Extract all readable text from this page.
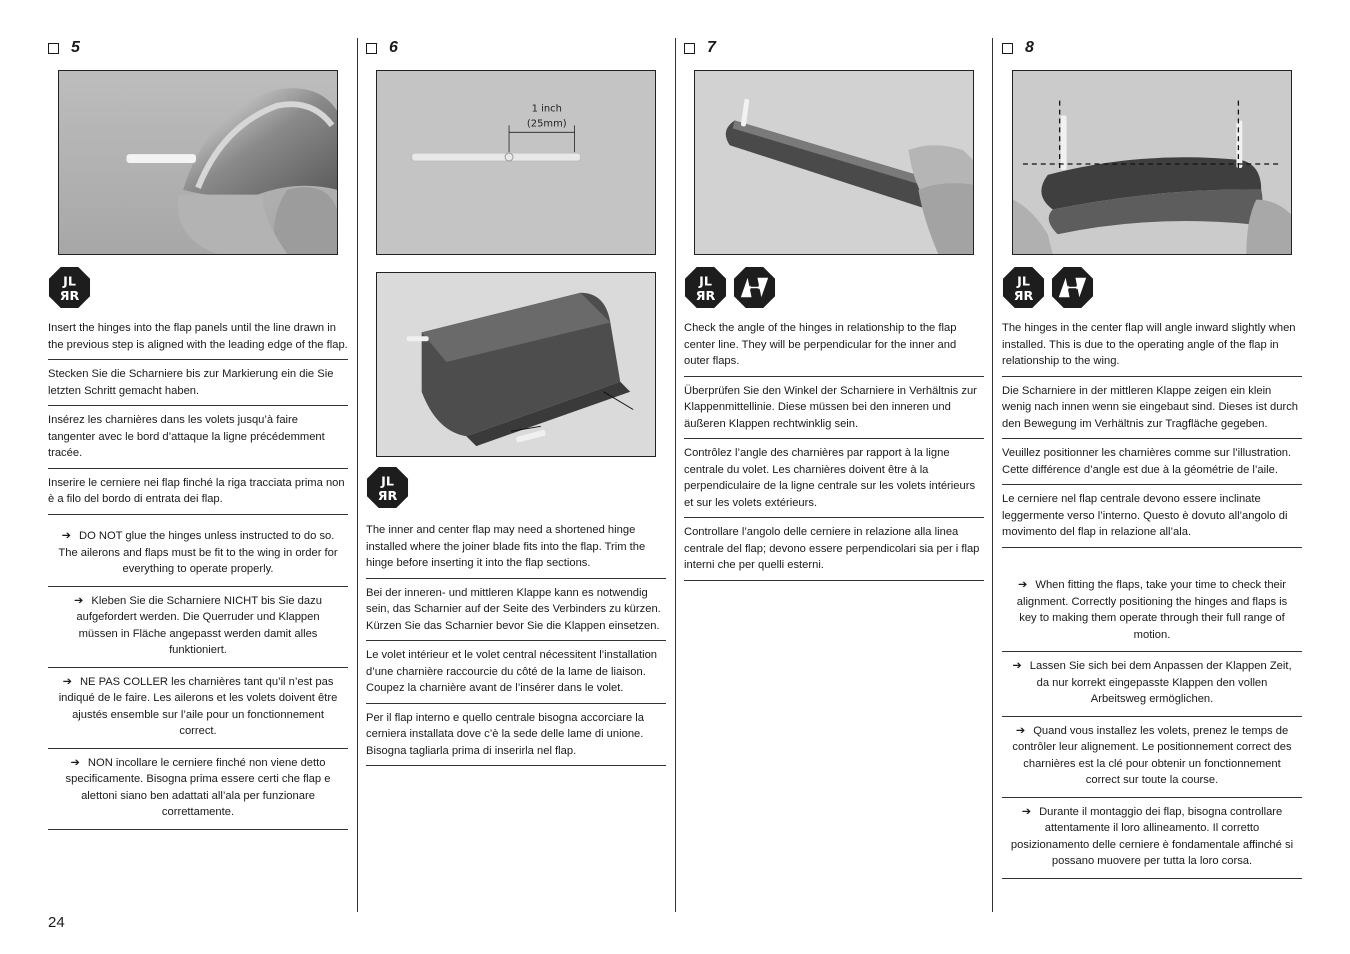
5
JL
ЯR
Insert the hinges into the flap panels until the line drawn in the previous step is aligned with the leading edge of the flap.
Stecken Sie die Scharniere bis zur Markierung ein die Sie letzten Schritt gemacht haben.
Insérez les charnières dans les volets jusqu’à faire tangenter avec le bord d’attaque la ligne précédemment tracée.
Inserire le cerniere nei flap finché la riga tracciata prima non è a filo del bordo di entrata dei flap.
➔ DO NOT glue the hinges unless instructed to do so. The ailerons and flaps must be fit to the wing in order for everything to operate properly.
➔ Kleben Sie die Scharniere NICHT bis Sie dazu aufgefordert werden. Die Querruder und Klappen müssen in Fläche angepasst werden damit alles funktioniert.
➔ NE PAS COLLER les charnières tant qu’il n’est pas indiqué de le faire. Les ailerons et les volets doivent être ajustés ensemble sur l’aile pour un fonctionnement correct.
➔ NON incollare le cerniere finché non viene detto specificamente. Bisogna prima essere certi che flap e alettoni siano ben adattati all’ala per funzionare correttamente.
6
1 inch
(25mm)
JL
ЯR
The inner and center flap may need a shortened hinge installed where the joiner blade fits into the flap. Trim the hinge before inserting it into the flap sections.
Bei der inneren- und mittleren Klappe kann es notwendig sein, das Scharnier auf der Seite des Verbinders zu kürzen. Kürzen Sie das Scharnier bevor Sie die Klappen einsetzen.
Le volet intérieur et le volet central nécessitent l’installation d’une charnière raccourcie du côté de la lame de liaison. Coupez la charnière avant de l’insérer dans le volet.
Per il flap interno e quello centrale bisogna accorciare la cerniera installata dove c’è la sede delle lame di unione. Bisogna tagliarla prima di inserirla nel flap.
7
JL
ЯR
Check the angle of the hinges in relationship to the flap center line. They will be perpendicular for the inner and outer flaps.
Überprüfen Sie den Winkel der Scharniere in Verhältnis zur Klappenmittellinie. Diese müssen bei den inneren und äußeren Klappen rechtwinklig sein.
Contrôlez l’angle des charnières par rapport à la ligne centrale du volet. Les charnières doivent être à la perpendiculaire de la ligne centrale sur les volets intérieurs et sur les volets extérieurs.
Controllare l’angolo delle cerniere in relazione alla linea centrale del flap; devono essere perpendicolari sia per i flap interni che per quelli esterni.
8
JL
ЯR
The hinges in the center flap will angle inward slightly when installed. This is due to the operating angle of the flap in relationship to the wing.
Die Scharniere in der mittleren Klappe zeigen ein klein wenig nach innen wenn sie eingebaut sind. Dieses ist durch den Bewegung im Verhältnis zur Tragfläche gegeben.
Veuillez positionner les charnières comme sur l’illustration. Cette différence d’angle est due à la géométrie de l’aile.
Le cerniere nel flap centrale devono essere inclinate leggermente verso l’interno. Questo è dovuto all’angolo di movimento del flap in relazione all’ala.
➔ When fitting the flaps, take your time to check their alignment. Correctly positioning the hinges and flaps is key to making them operate through their full range of motion.
➔ Lassen Sie sich bei dem Anpassen der Klappen Zeit, da nur korrekt eingepasste Klappen den vollen Arbeitsweg ermöglichen.
➔ Quand vous installez les volets, prenez le temps de contrôler leur alignement. Le positionnement correct des charnières est la clé pour obtenir un fonctionnement correct sur toute la course.
➔ Durante il montaggio dei flap, bisogna controllare attentamente il loro allineamento. Il corretto posizionamento delle cerniere è fondamentale affinché si possano muovere per tutta la loro corsa.
24
